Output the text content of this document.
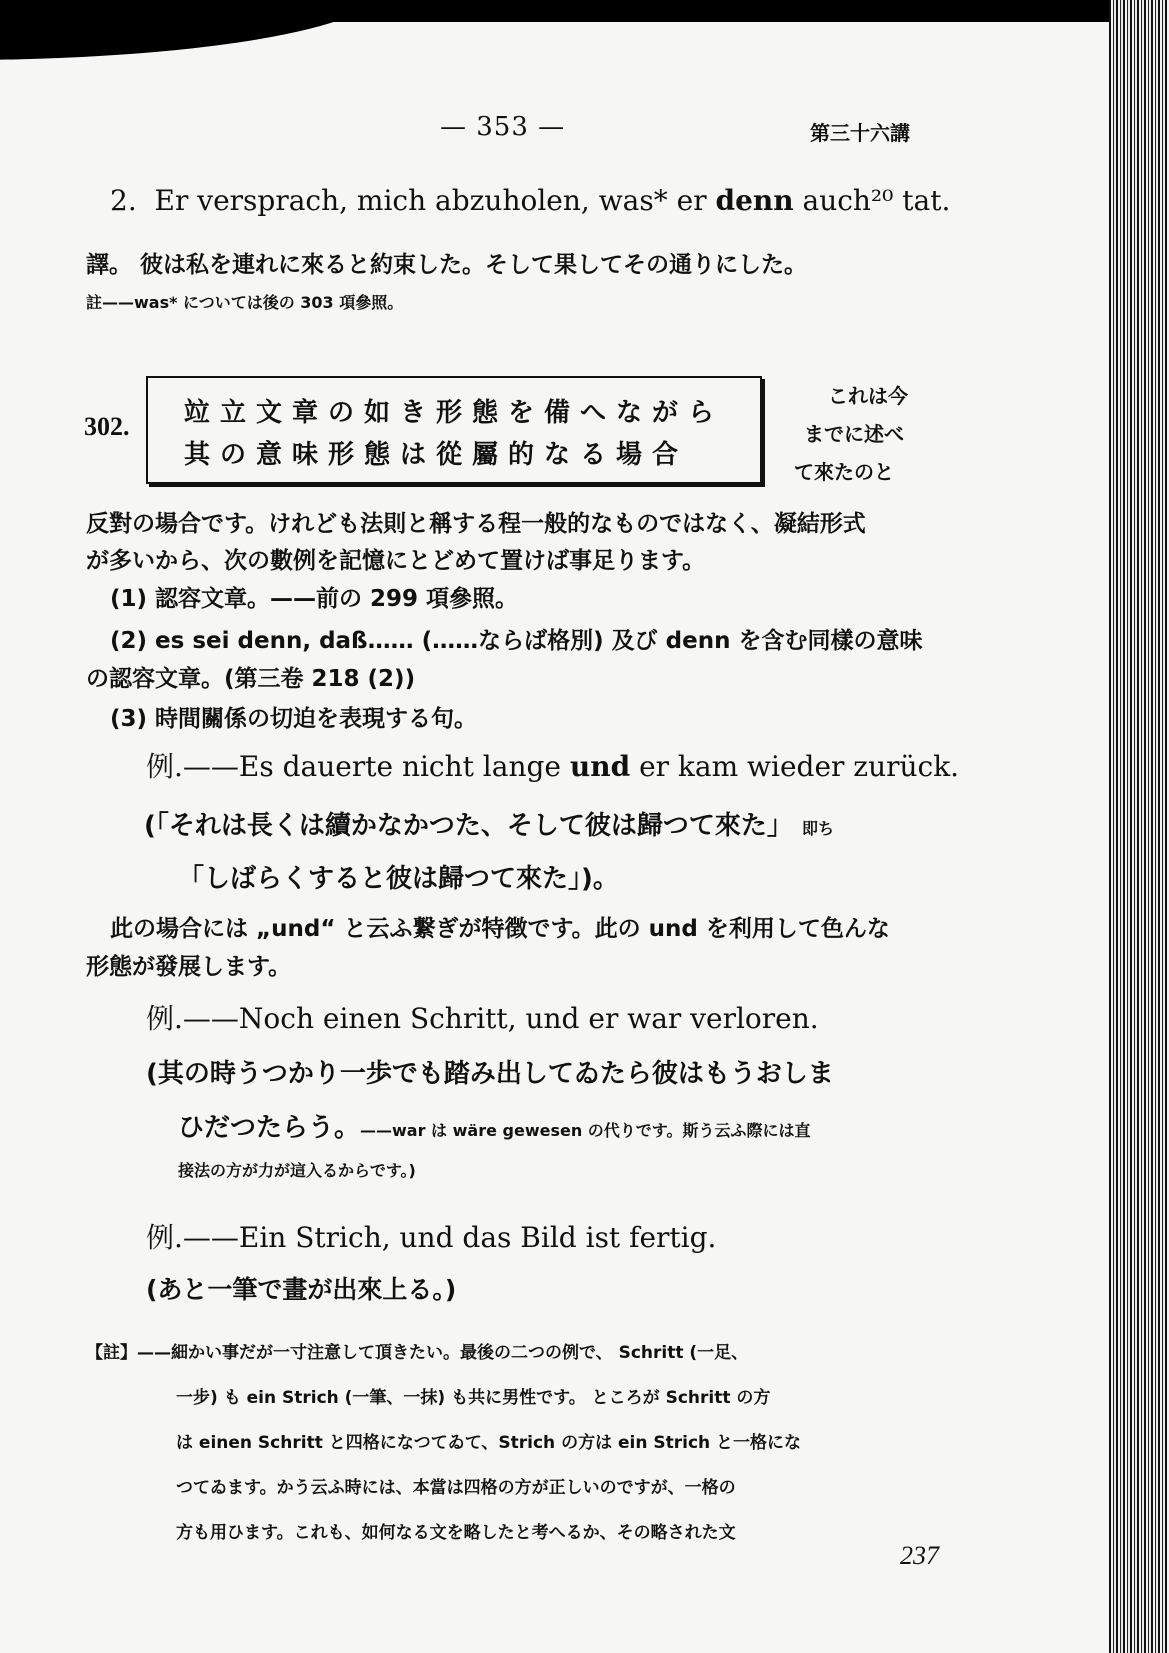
— 353 —	第三十六講
2. Er versprach, mich abzuholen, was* er denn auch²⁰ tat.
譯。 彼は私を連れに來ると約束した。そして果してその通りにした。
註——was* については後の 303 項參照。
302. 竝立文章の如き形態を備へながら
其の意味形態は從屬的なる場合
これは今
までに述べ
て來たのと
反對の場合です。けれども法則と稱する程一般的なものではなく、凝結形式
が多いから、次の數例を記憶にとどめて置けば事足ります。
(1) 認容文章。——前の 299 項參照。
(2) es sei denn, daß…… (……ならば格別) 及び denn を含む同樣の意味
の認容文章。(第三卷 218 (2))
(3) 時間關係の切迫を表現する句。
例.——Es dauerte nicht lange und er kam wieder zurück.
(「それは長くは續かなかつた、そして彼は歸つて來た」 即ち
「しばらくすると彼は歸つて來た」)。
此の場合には „und“ と云ふ繋ぎが特徴です。此の und を利用して色んな
形態が發展します。
例.——Noch einen Schritt, und er war verloren.
(其の時うつかり一歩でも踏み出してゐたら彼はもうおしま
ひだつたらう。——war は wäre gewesen の代りです。斯う云ふ際には直
接法の方が力が這入るからです。)
例.——Ein Strich, und das Bild ist fertig.
(あと一筆で畫が出來上る。)
【註】——細かい事だが一寸注意して頂きたい。最後の二つの例で、 Schritt (一足、
一步) も ein Strich (一筆、一抹) も共に男性です。 ところが Schritt の方
は einen Schritt と四格になつてゐて、Strich の方は ein Strich と一格にな
つてゐます。かう云ふ時には、本當は四格の方が正しいのですが、一格の
方も用ひます。これも、如何なる文を略したと考へるか、その略された文
237
